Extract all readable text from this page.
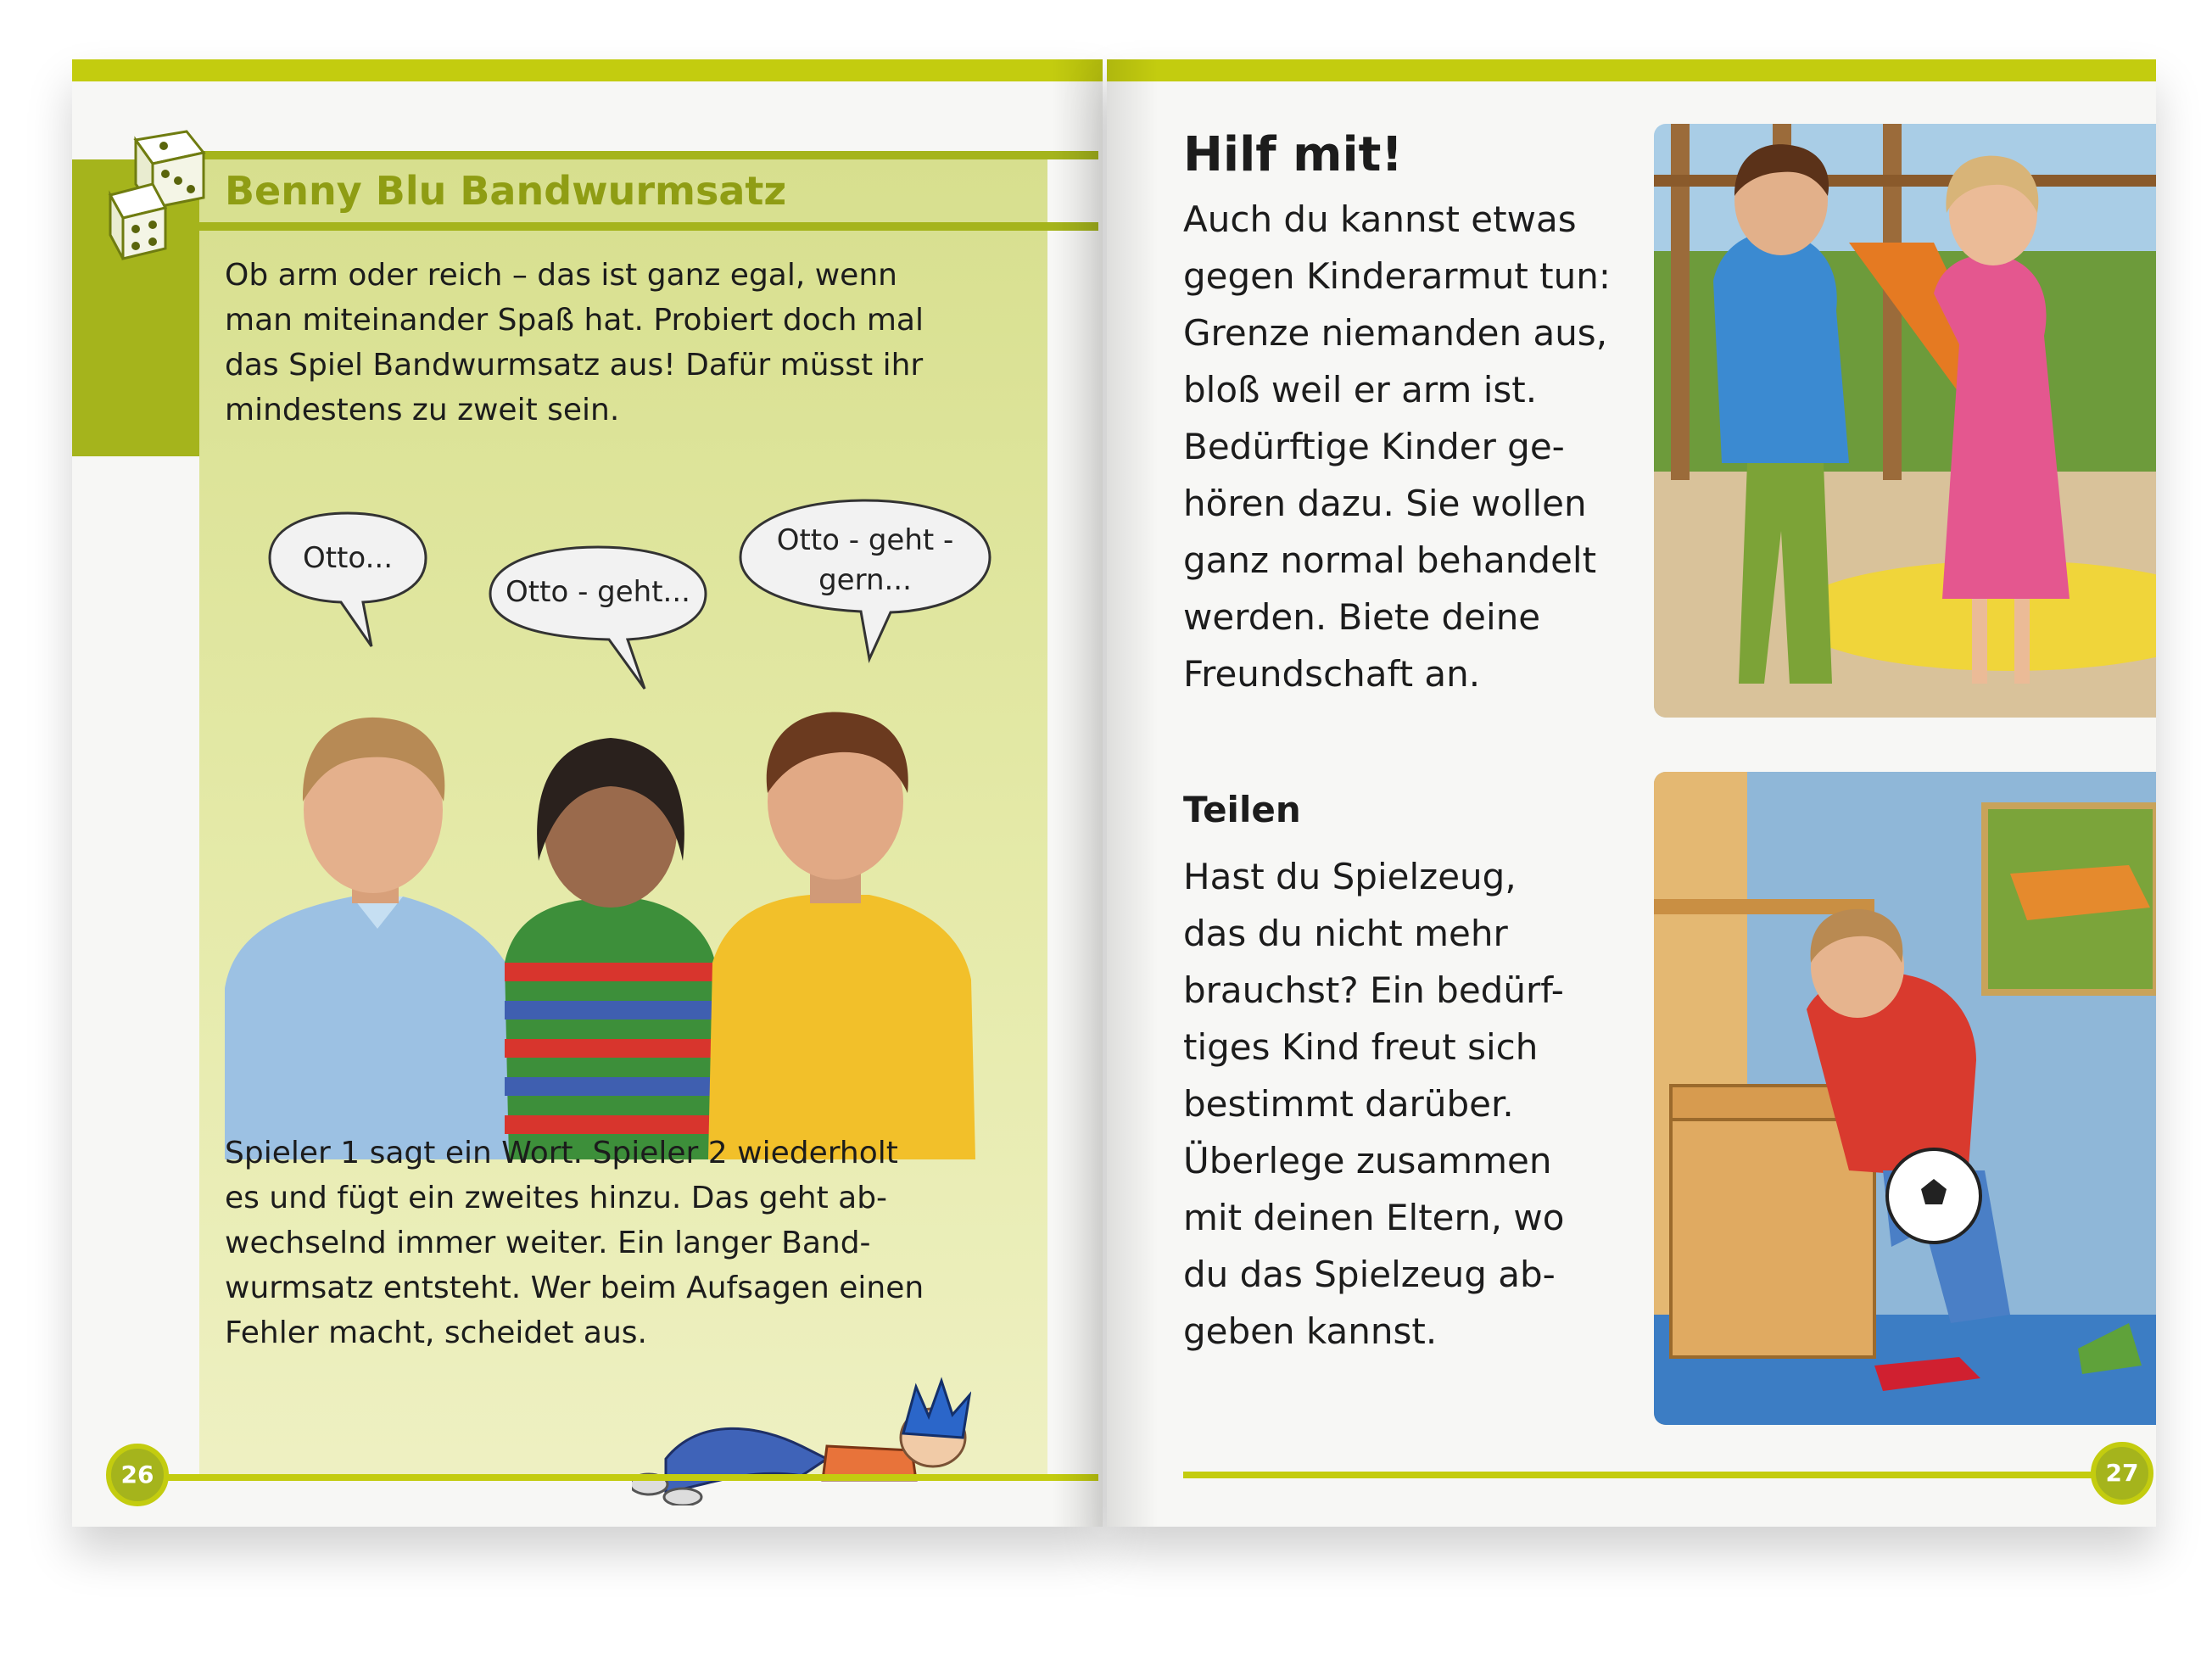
Benny Blu Bandwurmsatz
Ob arm oder reich – das ist ganz egal, wenn
man miteinander Spaß hat. Probiert doch mal
das Spiel Bandwurmsatz aus! Dafür müsst ihr
mindestens zu zweit sein.
Otto...
Otto - geht...
Otto - geht -
gern...
Spieler 1 sagt ein Wort. Spieler 2 wiederholt
es und fügt ein zweites hinzu. Das geht ab-
wechselnd immer weiter. Ein langer Band-
wurmsatz entsteht. Wer beim Aufsagen einen
Fehler macht, scheidet aus.
26
Hilf mit!
Auch du kannst etwas
gegen Kinderarmut tun:
Grenze niemanden aus,
bloß weil er arm ist.
Bedürftige Kinder ge-
hören dazu. Sie wollen
ganz normal behandelt
werden. Biete deine
Freundschaft an.
Teilen
Hast du Spielzeug,
das du nicht mehr
brauchst? Ein bedürf-
tiges Kind freut sich
bestimmt darüber.
Überlege zusammen
mit deinen Eltern, wo
du das Spielzeug ab-
geben kannst.
27
